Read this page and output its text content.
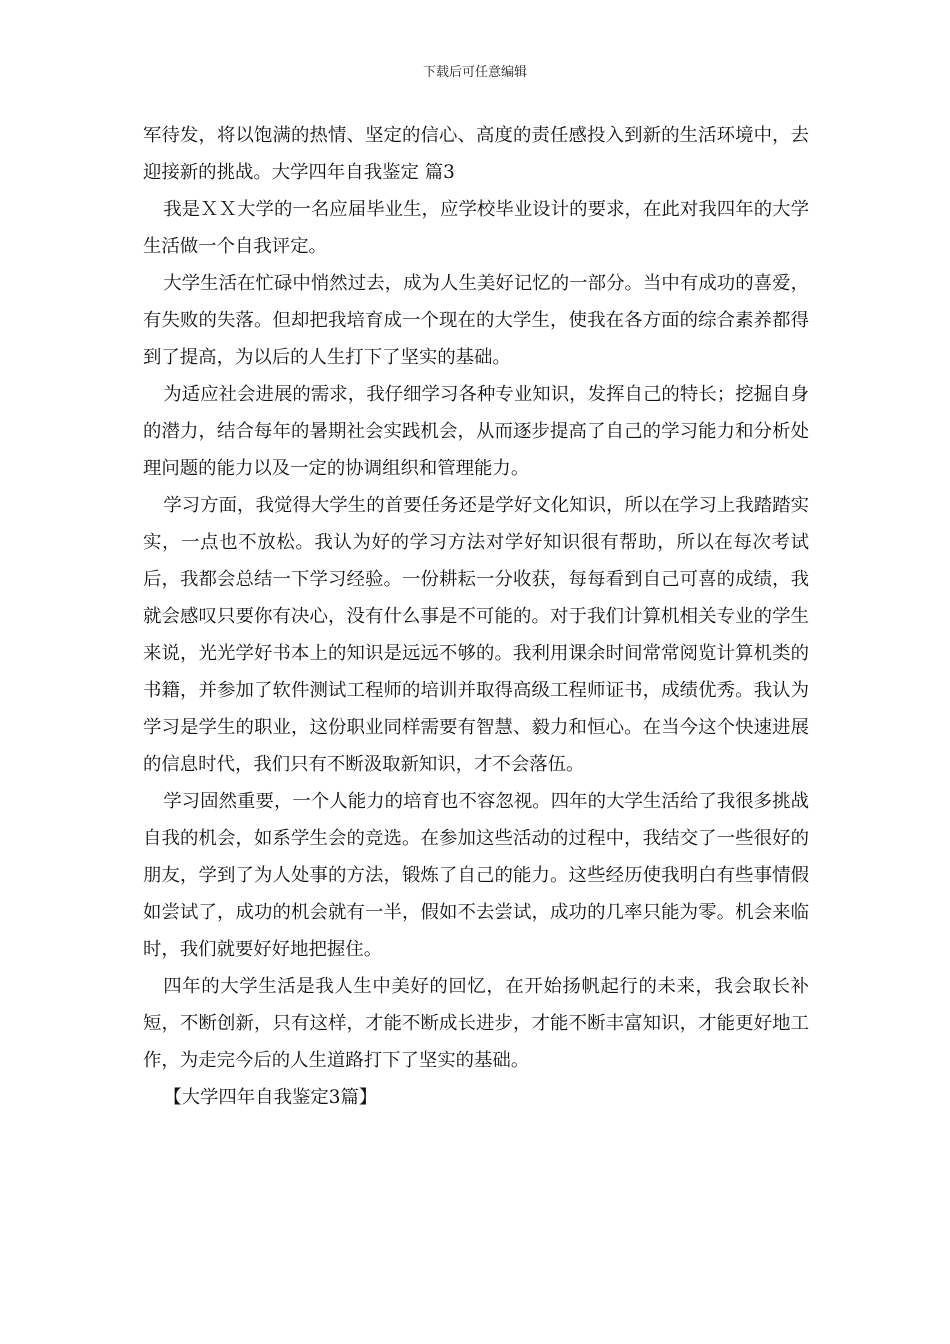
下载后可任意编辑

军待发，将以饱满的热情、坚定的信心、高度的责任感投入到新的生活环境中，去迎接新的挑战。大学四年自我鉴定 篇3

我是ＸＸ大学的一名应届毕业生，应学校毕业设计的要求，在此对我四年的大学生活做一个自我评定。

大学生活在忙碌中悄然过去，成为人生美好记忆的一部分。当中有成功的喜爱，有失败的失落。但却把我培育成一个现在的大学生，使我在各方面的综合素养都得到了提高，为以后的人生打下了坚实的基础。

为适应社会进展的需求，我仔细学习各种专业知识，发挥自己的特长；挖掘自身的潜力，结合每年的暑期社会实践机会，从而逐步提高了自己的学习能力和分析处理问题的能力以及一定的协调组织和管理能力。

学习方面，我觉得大学生的首要任务还是学好文化知识，所以在学习上我踏踏实实，一点也不放松。我认为好的学习方法对学好知识很有帮助，所以在每次考试后，我都会总结一下学习经验。一份耕耘一分收获，每每看到自己可喜的成绩，我就会感叹只要你有决心，没有什么事是不可能的。对于我们计算机相关专业的学生来说，光光学好书本上的知识是远远不够的。我利用课余时间常常阅览计算机类的书籍，并参加了软件测试工程师的培训并取得高级工程师证书，成绩优秀。我认为学习是学生的职业，这份职业同样需要有智慧、毅力和恒心。在当今这个快速进展的信息时代，我们只有不断汲取新知识，才不会落伍。

学习固然重要，一个人能力的培育也不容忽视。四年的大学生活给了我很多挑战自我的机会，如系学生会的竞选。在参加这些活动的过程中，我结交了一些很好的朋友，学到了为人处事的方法，锻炼了自己的能力。这些经历使我明白有些事情假如尝试了，成功的机会就有一半，假如不去尝试，成功的几率只能为零。机会来临时，我们就要好好地把握住。

四年的大学生活是我人生中美好的回忆，在开始扬帆起行的未来，我会取长补短，不断创新，只有这样，才能不断成长进步，才能不断丰富知识，才能更好地工作，为走完今后的人生道路打下了坚实的基础。

【大学四年自我鉴定3篇】
